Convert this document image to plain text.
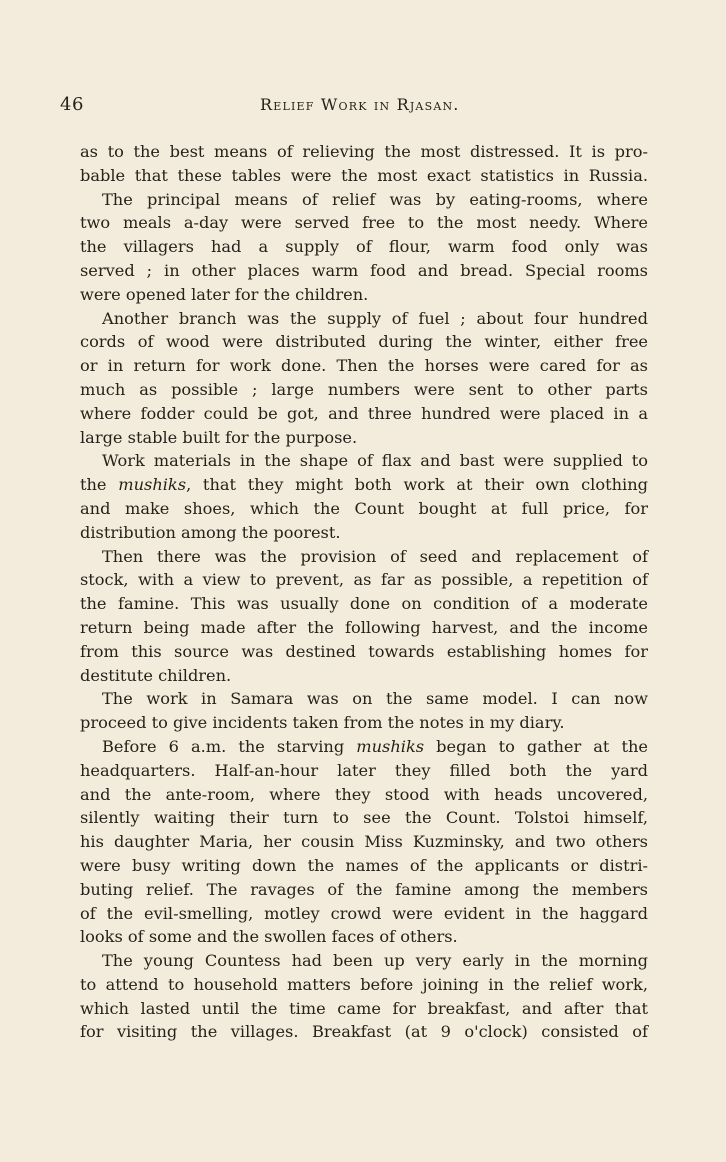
46	Relief Work in Rjasan.
as to the best means of relieving the most distressed. It is pro-
bable that these tables were the most exact statistics in Russia.
The principal means of relief was by eating-rooms, where
two meals a-day were served free to the most needy. Where
the villagers had a supply of flour, warm food only was
served ; in other places warm food and bread. Special rooms
were opened later for the children.
Another branch was the supply of fuel ; about four hundred
cords of wood were distributed during the winter, either free
or in return for work done. Then the horses were cared for as
much as possible ; large numbers were sent to other parts
where fodder could be got, and three hundred were placed in a
large stable built for the purpose.
Work materials in the shape of flax and bast were supplied to
the mushiks, that they might both work at their own clothing
and make shoes, which the Count bought at full price, for
distribution among the poorest.
Then there was the provision of seed and replacement of
stock, with a view to prevent, as far as possible, a repetition of
the famine. This was usually done on condition of a moderate
return being made after the following harvest, and the income
from this source was destined towards establishing homes for
destitute children.
The work in Samara was on the same model. I can now
proceed to give incidents taken from the notes in my diary.
Before 6 a.m. the starving mushiks began to gather at the
headquarters. Half-an-hour later they filled both the yard
and the ante-room, where they stood with heads uncovered,
silently waiting their turn to see the Count. Tolstoi himself,
his daughter Maria, her cousin Miss Kuzminsky, and two others
were busy writing down the names of the applicants or distri-
buting relief. The ravages of the famine among the members
of the evil-smelling, motley crowd were evident in the haggard
looks of some and the swollen faces of others.
The young Countess had been up very early in the morning
to attend to household matters before joining in the relief work,
which lasted until the time came for breakfast, and after that
for visiting the villages. Breakfast (at 9 o'clock) consisted of
